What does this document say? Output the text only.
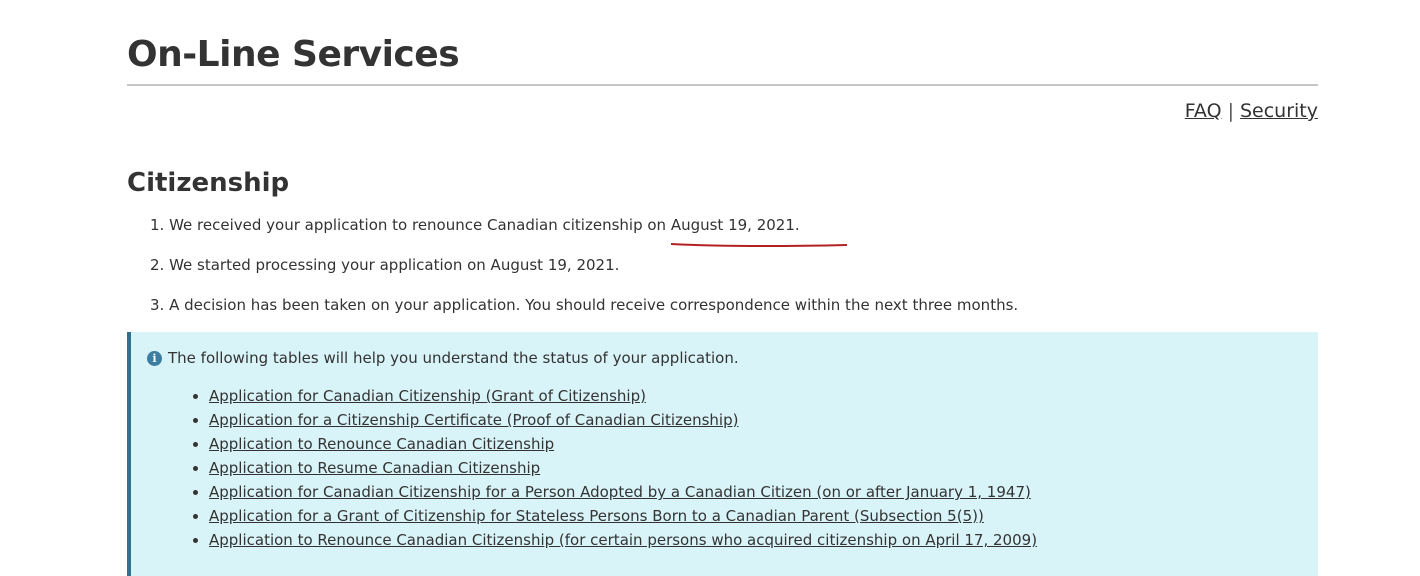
On-Line Services
FAQ | Security
Citizenship
1. We received your application to renounce Canadian citizenship on August 19, 2021
.
2. We started processing your application on August 19, 2021.
3. A decision has been taken on your application. You should receive correspondence within the next three months.
i The following tables will help you understand the status of your application.
• Application for Canadian Citizenship (Grant of Citizenship)
• Application for a Citizenship Certificate (Proof of Canadian Citizenship)
• Application to Renounce Canadian Citizenship
• Application to Resume Canadian Citizenship
• Application for Canadian Citizenship for a Person Adopted by a Canadian Citizen (on or after January 1, 1947)
• Application for a Grant of Citizenship for Stateless Persons Born to a Canadian Parent (Subsection 5(5))
• Application to Renounce Canadian Citizenship (for certain persons who acquired citizenship on April 17, 2009)
